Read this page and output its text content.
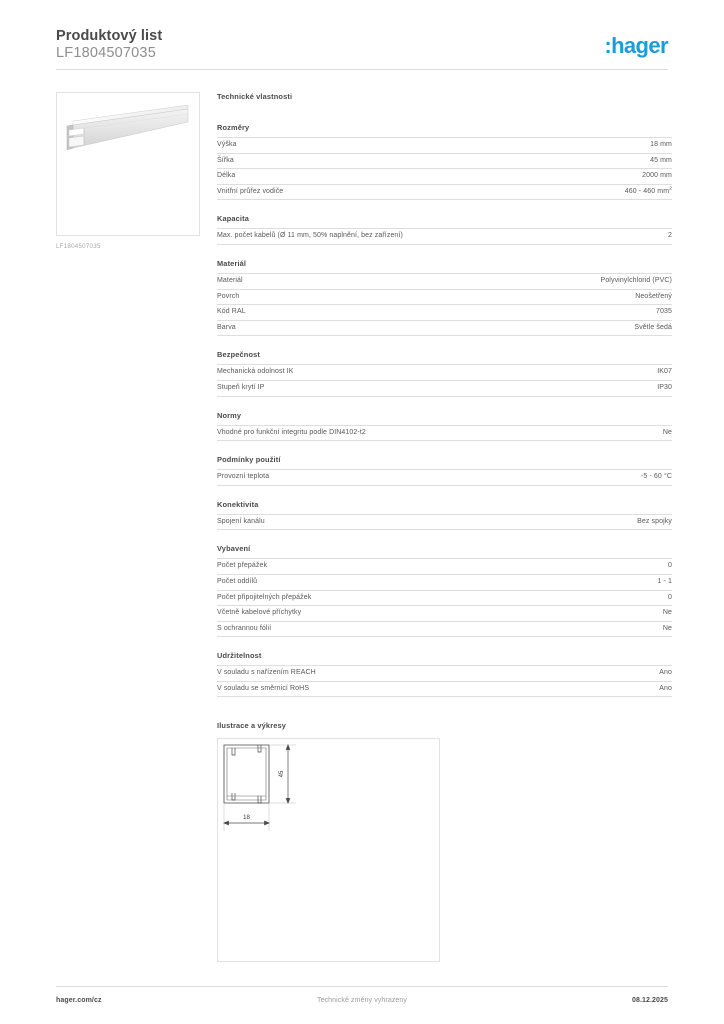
Produktový list
LF1804507035	:hager
LF1804507035
Technické vlastnosti
Rozměry
Výška	18 mm
Šířka	45 mm
Délka	2000 mm
Vnitřní průřez vodiče	460 - 460 $mm^2$
Kapacita
Max. počet kabelů (Ø 11 mm, 50% naplnění, bez zařízení)	2
Materiál
Materiál	Polyvinylchlorid (PVC)
Povrch	Neošetřený
Kód RAL	7035
Barva	Světle šedá
Bezpečnost
Mechanická odolnost IK	IK07
Stupeň krytí IP	IP30
Normy
Vhodné pro funkční integritu podle DIN4102-t2	Ne
Podmínky použití
Provozní teplota	-5 - 60 °C
Konektivita
Spojení kanálu	Bez spojky
Vybavení
Počet přepážek	0
Počet oddílů	1 - 1
Počet připojitelných přepážek	0
Včetně kabelové příchytky	Ne
S ochrannou fólií	Ne
Udržitelnost
V souladu s nařízením REACH	Ano
V souladu se směrnicí RoHS	Ano
Ilustrace a výkresy
45
18
hager.com/cz	Technické změny vyhrazeny	08.12.2025
